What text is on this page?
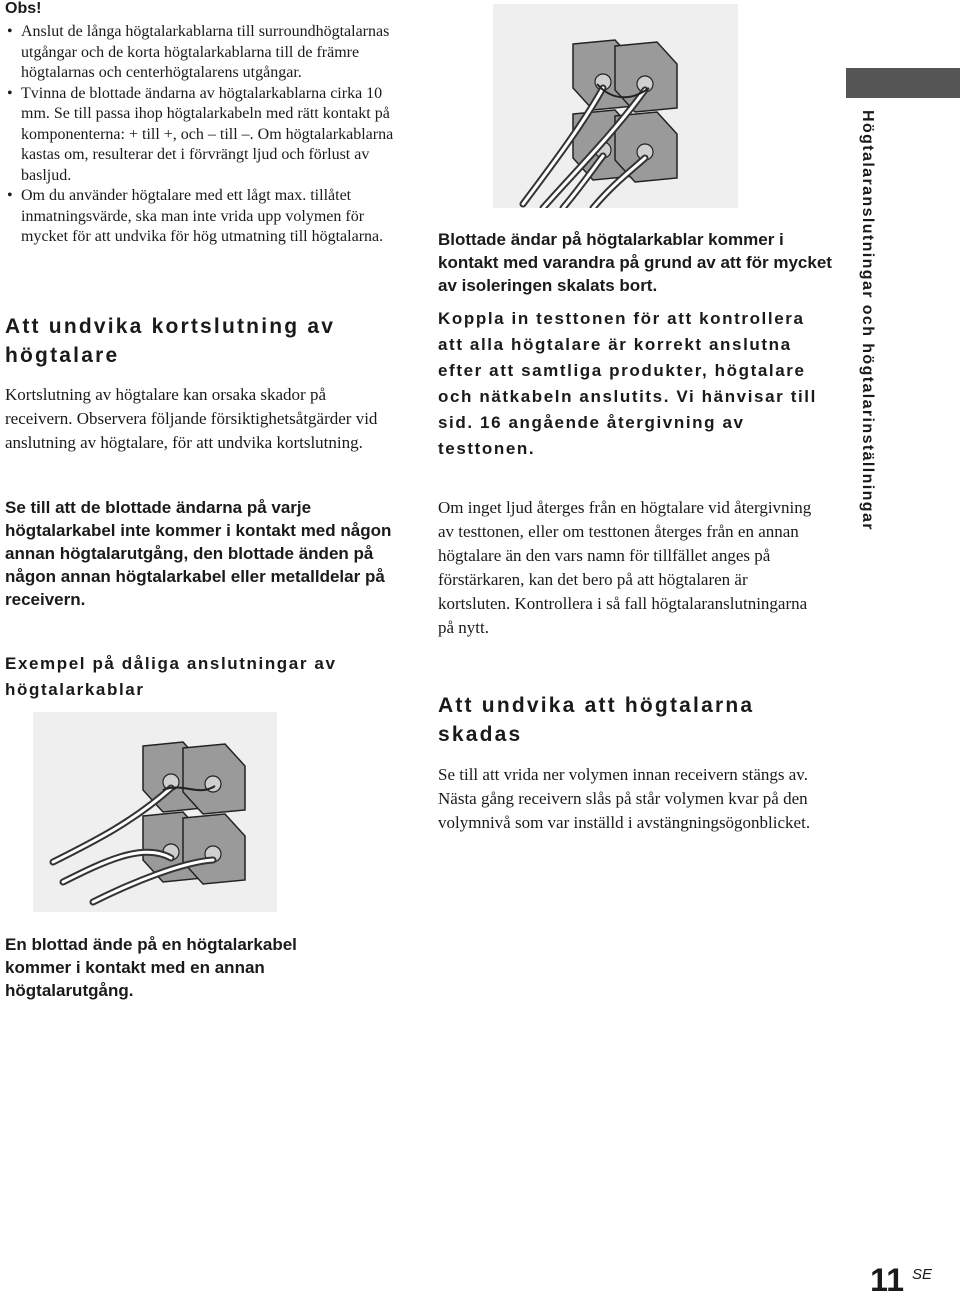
Obs!
• Anslut de långa högtalarkablarna till surroundhögtalarnas utgångar och de korta högtalarkablarna till de främre högtalarnas och centerhögtalarens utgångar.
• Tvinna de blottade ändarna av högtalarkablarna cirka 10 mm. Se till passa ihop högtalarkabeln med rätt kontakt på komponenterna: + till +, och – till –. Om högtalarkablarna kastas om, resulterar det i förvrängt ljud och förlust av basljud.
• Om du använder högtalare med ett lågt max. tillåtet inmatningsvärde, ska man inte vrida upp volymen för mycket för att undvika för hög utmatning till högtalarna.
Att undvika kortslutning av högtalare
Kortslutning av högtalare kan orsaka skador på receivern. Observera följande försiktighetsåtgärder vid anslutning av högtalare, för att undvika kortslutning.
Se till att de blottade ändarna på varje högtalarkabel inte kommer i kontakt med någon annan högtalarutgång, den blottade änden på någon annan högtalarkabel eller metalldelar på receivern.
Exempel på dåliga anslutningar av högtalarkablar
En blottad ände på en högtalarkabel kommer i kontakt med en annan högtalarutgång.
Blottade ändar på högtalarkablar kommer i kontakt med varandra på grund av att för mycket av isoleringen skalats bort.
Koppla in testtonen för att kontrollera att alla högtalare är korrekt anslutna efter att samtliga produkter, högtalare och nätkabeln anslutits. Vi hänvisar till sid. 16 angående återgivning av testtonen.
Om inget ljud återges från en högtalare vid återgivning av testtonen, eller om testtonen återges från en annan högtalare än den vars namn för tillfället anges på förstärkaren, kan det bero på att högtalaren är kortsluten. Kontrollera i så fall högtalaranslutningarna på nytt.
Att undvika att högtalarna skadas
Se till att vrida ner volymen innan receivern stängs av. Nästa gång receivern slås på står volymen kvar på den volymnivå som var inställd i avstängningsögonblicket.
Högtalaranslutningar och högtalarinställningar
11 SE
